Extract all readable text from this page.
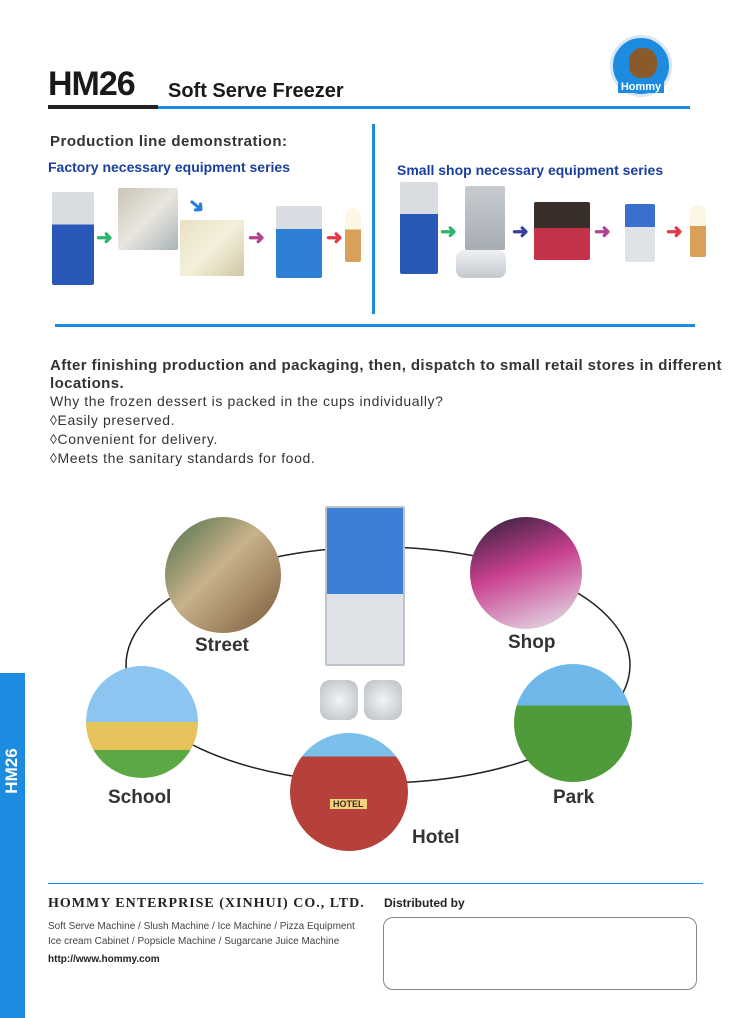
HM26
HM26 Soft Serve Freezer	Hommy
Production line demonstration:
Factory necessary equipment series	Small shop necessary equipment series
➜
➜
➜	➜	➜	➜	➜	➜
After finishing production and packaging, then, dispatch to small retail stores in different locations.
Why the frozen dessert is packed in the cups individually?
◊Easily preserved.
◊Convenient for delivery.
◊Meets the sanitary standards for food.
HOTEL
Street	Shop
School	Park
Hotel
HOMMY ENTERPRISE (XINHUI) CO., LTD. Distributed by
Soft Serve Machine / Slush Machine / Ice Machine / Pizza Equipment
Ice cream Cabinet / Popsicle Machine / Sugarcane Juice Machine
http://www.hommy.com
